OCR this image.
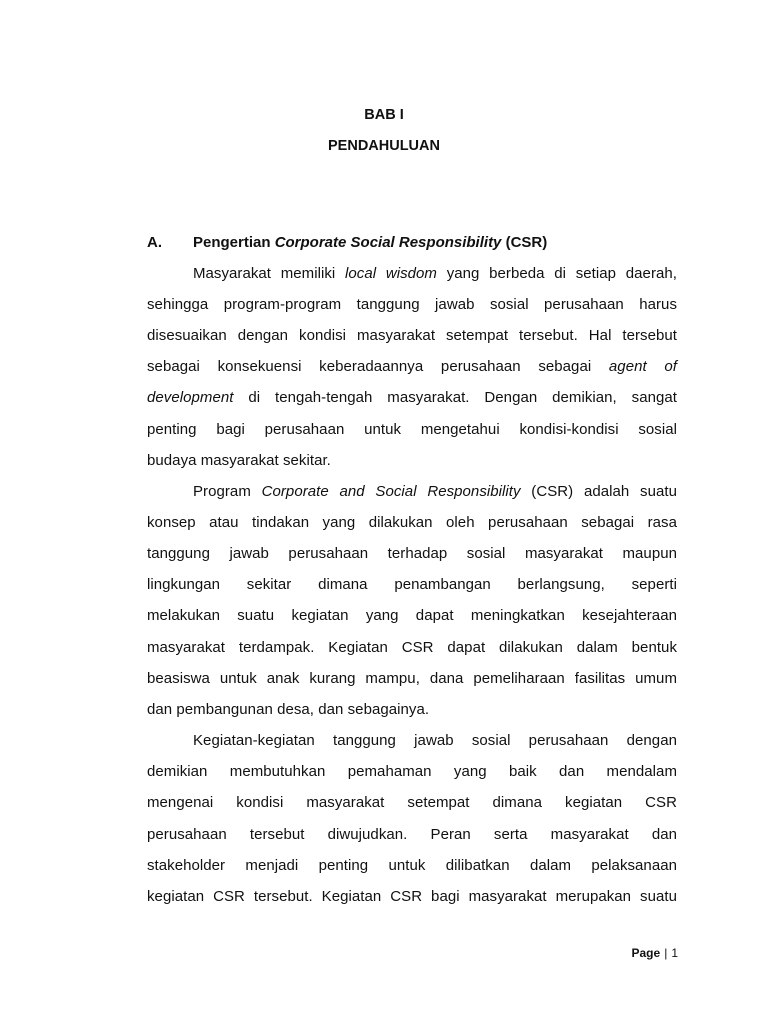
BAB I
PENDAHULUAN
A. Pengertian Corporate Social Responsibility (CSR)
Masyarakat memiliki local wisdom yang berbeda di setiap daerah,
sehingga program-program tanggung jawab sosial perusahaan harus
disesuaikan dengan kondisi masyarakat setempat tersebut. Hal tersebut
sebagai konsekuensi keberadaannya perusahaan sebagai agent of
development di tengah-tengah masyarakat. Dengan demikian, sangat
penting bagi perusahaan untuk mengetahui kondisi-kondisi sosial
budaya masyarakat sekitar.
Program Corporate and Social Responsibility (CSR) adalah suatu
konsep atau tindakan yang dilakukan oleh perusahaan sebagai rasa
tanggung jawab perusahaan terhadap sosial masyarakat maupun
lingkungan sekitar dimana penambangan berlangsung, seperti
melakukan suatu kegiatan yang dapat meningkatkan kesejahteraan
masyarakat terdampak. Kegiatan CSR dapat dilakukan dalam bentuk
beasiswa untuk anak kurang mampu, dana pemeliharaan fasilitas umum
dan pembangunan desa, dan sebagainya.
Kegiatan-kegiatan tanggung jawab sosial perusahaan dengan
demikian membutuhkan pemahaman yang baik dan mendalam
mengenai kondisi masyarakat setempat dimana kegiatan CSR
perusahaan tersebut diwujudkan. Peran serta masyarakat dan
stakeholder menjadi penting untuk dilibatkan dalam pelaksanaan
kegiatan CSR tersebut. Kegiatan CSR bagi masyarakat merupakan suatu
Page | 1
